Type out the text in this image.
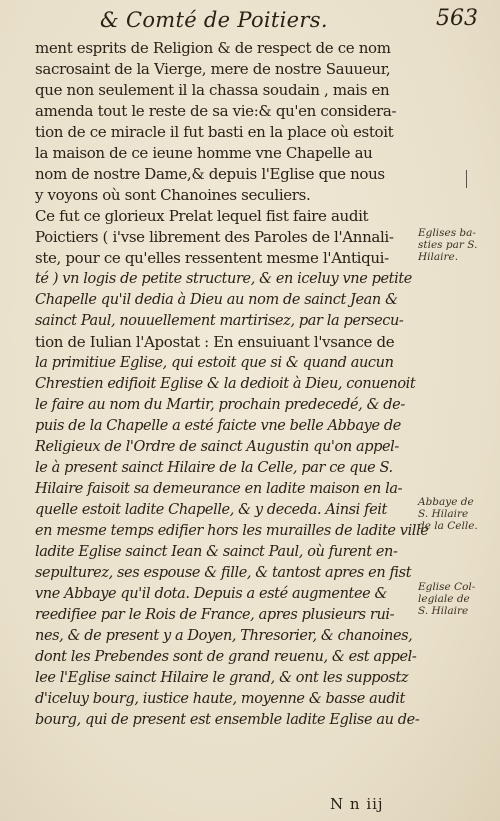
& Comté de Poitiers.	563
ment esprits de Religion & de respect de ce nom
sacrosaint de la Vierge, mere de nostre Sauueur,
que non seulement il la chassa soudain , mais en
amenda tout le reste de sa vie:& qu'en considera-
tion de ce miracle il fut basti en la place où estoit
la maison de ce ieune homme vne Chapelle au
nom de nostre Dame,& depuis l'Eglise que nous
y voyons où sont Chanoines seculiers.
Ce fut ce glorieux Prelat lequel fist faire audit
Poictiers ( i'vse librement des Paroles de l'Annali-
ste, pour ce qu'elles ressentent mesme l'Antiqui-
té ) vn logis de petite structure, & en iceluy vne petite
Chapelle qu'il dedia à Dieu au nom de sainct Jean &
sainct Paul, nouuellement martirisez, par la persecu-
tion de Iulian l'Apostat : En ensuiuant l'vsance de
la primitiue Eglise, qui estoit que si & quand aucun
Chrestien edifioit Eglise & la dedioit à Dieu, conuenoit
le faire au nom du Martir, prochain predecedé, & de-
puis de la Chapelle a esté faicte vne belle Abbaye de
Religieux de l'Ordre de sainct Augustin qu'on appel-
le à present sainct Hilaire de la Celle, par ce que S.
Hilaire faisoit sa demeurance en ladite maison en la-
quelle estoit ladite Chapelle, & y deceda. Ainsi feit
en mesme temps edifier hors les murailles de ladite ville
ladite Eglise sainct Iean & sainct Paul, où furent en-
sepulturez, ses espouse & fille, & tantost apres en fist
vne Abbaye qu'il dota. Depuis a esté augmentee &
reedifiee par le Rois de France, apres plusieurs rui-
nes, & de present y a Doyen, Thresorier, & chanoines,
dont les Prebendes sont de grand reuenu, & est appel-
lee l'Eglise sainct Hilaire le grand, & ont les suppostz
d'iceluy bourg, iustice haute, moyenne & basse audit
bourg, qui de present est ensemble ladite Eglise au de-
Eglises ba-
sties par S.
Hilaire.
Abbaye de
S. Hilaire
de la Celle.
Eglise Col-
legiale de
S. Hilaire
N n iij
